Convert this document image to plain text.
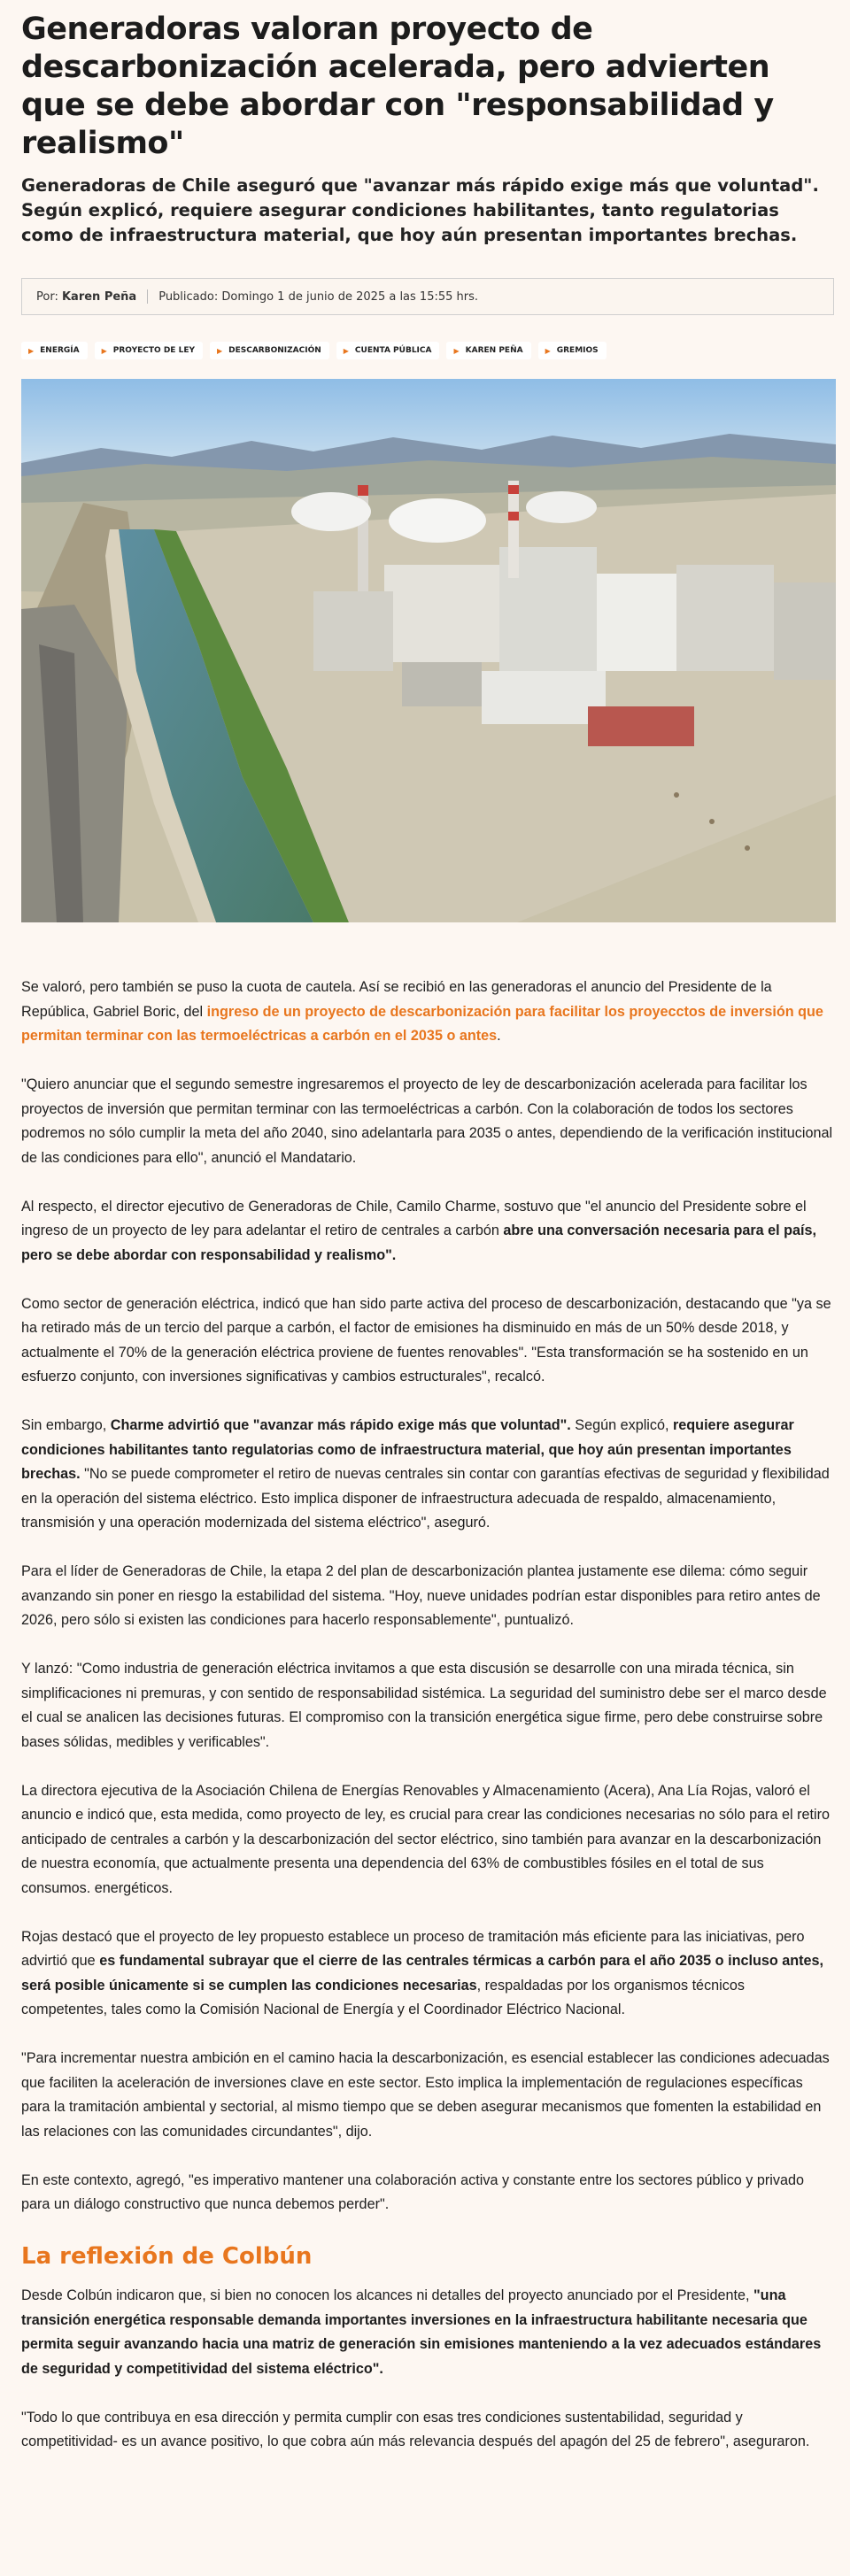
Generadoras valoran proyecto de descarbonización acelerada, pero advierten que se debe abordar con "responsabilidad y realismo"
Generadoras de Chile aseguró que "avanzar más rápido exige más que voluntad". Según explicó, requiere asegurar condiciones habilitantes, tanto regulatorias como de infraestructura material, que hoy aún presentan importantes brechas.
Por: Karen Peña Publicado: Domingo 1 de junio de 2025 a las 15:55 hrs.
▶ ENERGÍA	▶ PROYECTO DE LEY	▶ DESCARBONIZACIÓN	▶ CUENTA PÚBLICA	▶ KAREN PEÑA	▶ GREMIOS

Se valoró, pero también se puso la cuota de cautela. Así se recibió en las generadoras el anuncio del Presidente de la República, Gabriel Boric, del ingreso de un proyecto de descarbonización para facilitar los proyecctos de inversión que permitan terminar con las termoeléctricas a carbón en el 2035 o antes.

"Quiero anunciar que el segundo semestre ingresaremos el proyecto de ley de descarbonización acelerada para facilitar los proyectos de inversión que permitan terminar con las termoeléctricas a carbón. Con la colaboración de todos los sectores podremos no sólo cumplir la meta del año 2040, sino adelantarla para 2035 o antes, dependiendo de la verificación institucional de las condiciones para ello", anunció el Mandatario.

Al respecto, el director ejecutivo de Generadoras de Chile, Camilo Charme, sostuvo que "el anuncio del Presidente sobre el ingreso de un proyecto de ley para adelantar el retiro de centrales a carbón abre una conversación necesaria para el país, pero se debe abordar con responsabilidad y realismo".

Como sector de generación eléctrica, indicó que han sido parte activa del proceso de descarbonización, destacando que "ya se ha retirado más de un tercio del parque a carbón, el factor de emisiones ha disminuido en más de un 50% desde 2018, y actualmente el 70% de la generación eléctrica proviene de fuentes renovables". "Esta transformación se ha sostenido en un esfuerzo conjunto, con inversiones significativas y cambios estructurales", recalcó.

Sin embargo, Charme advirtió que "avanzar más rápido exige más que voluntad". Según explicó, requiere asegurar condiciones habilitantes tanto regulatorias como de infraestructura material, que hoy aún presentan importantes brechas. "No se puede comprometer el retiro de nuevas centrales sin contar con garantías efectivas de seguridad y flexibilidad en la operación del sistema eléctrico. Esto implica disponer de infraestructura adecuada de respaldo, almacenamiento, transmisión y una operación modernizada del sistema eléctrico", aseguró.

Para el líder de Generadoras de Chile, la etapa 2 del plan de descarbonización plantea justamente ese dilema: cómo seguir avanzando sin poner en riesgo la estabilidad del sistema. "Hoy, nueve unidades podrían estar disponibles para retiro antes de 2026, pero sólo si existen las condiciones para hacerlo responsablemente", puntualizó.

Y lanzó: "Como industria de generación eléctrica invitamos a que esta discusión se desarrolle con una mirada técnica, sin simplificaciones ni premuras, y con sentido de responsabilidad sistémica. La seguridad del suministro debe ser el marco desde el cual se analicen las decisiones futuras. El compromiso con la transición energética sigue firme, pero debe construirse sobre bases sólidas, medibles y verificables".

La directora ejecutiva de la Asociación Chilena de Energías Renovables y Almacenamiento (Acera), Ana Lía Rojas, valoró el anuncio e indicó que, esta medida, como proyecto de ley, es crucial para crear las condiciones necesarias no sólo para el retiro anticipado de centrales a carbón y la descarbonización del sector eléctrico, sino también para avanzar en la descarbonización de nuestra economía, que actualmente presenta una dependencia del 63% de combustibles fósiles en el total de sus consumos. energéticos.

Rojas destacó que el proyecto de ley propuesto establece un proceso de tramitación más eficiente para las iniciativas, pero advirtió que es fundamental subrayar que el cierre de las centrales térmicas a carbón para el año 2035 o incluso antes, será posible únicamente si se cumplen las condiciones necesarias, respaldadas por los organismos técnicos competentes, tales como la Comisión Nacional de Energía y el Coordinador Eléctrico Nacional.

"Para incrementar nuestra ambición en el camino hacia la descarbonización, es esencial establecer las condiciones adecuadas que faciliten la aceleración de inversiones clave en este sector. Esto implica la implementación de regulaciones específicas para la tramitación ambiental y sectorial, al mismo tiempo que se deben asegurar mecanismos que fomenten la estabilidad en las relaciones con las comunidades circundantes", dijo.

En este contexto, agregó, "es imperativo mantener una colaboración activa y constante entre los sectores público y privado para un diálogo constructivo que nunca debemos perder".

La reflexión de Colbún

Desde Colbún indicaron que, si bien no conocen los alcances ni detalles del proyecto anunciado por el Presidente, "una transición energética responsable demanda importantes inversiones en la infraestructura habilitante necesaria que permita seguir avanzando hacia una matriz de generación sin emisiones manteniendo a la vez adecuados estándares de seguridad y competitividad del sistema eléctrico".

"Todo lo que contribuya en esa dirección y permita cumplir con esas tres condiciones sustentabilidad, seguridad y competitividad- es un avance positivo, lo que cobra aún más relevancia después del apagón del 25 de febrero", aseguraron.
